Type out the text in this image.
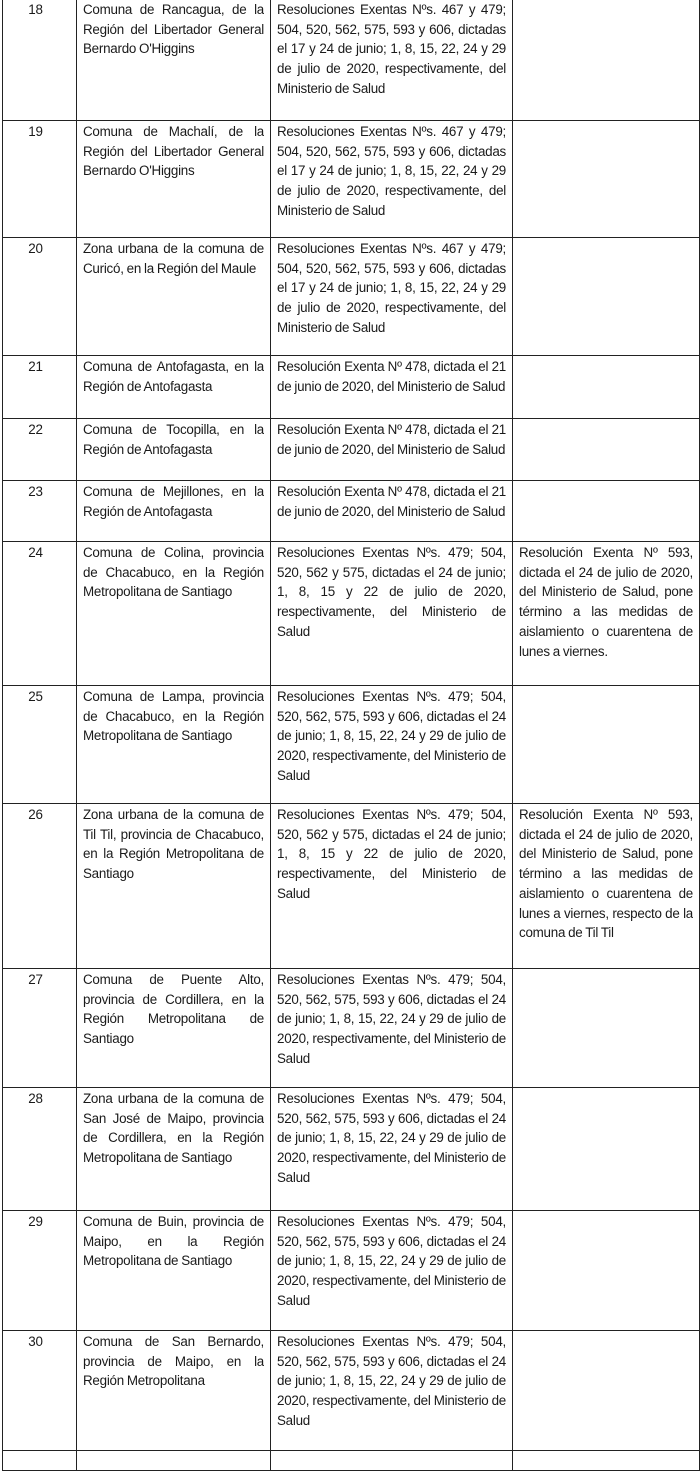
18	Comuna de Rancagua, de la Región del Libertador General Bernardo O'Higgins	Resoluciones Exentas Nºs. 467 y 479; 504, 520, 562, 575, 593 y 606, dictadas el 17 y 24 de junio; 1, 8, 15, 22, 24 y 29 de julio de 2020, respectivamente, del Ministerio de Salud	

19	Comuna de Machalí, de la Región del Libertador General Bernardo O'Higgins	Resoluciones Exentas Nºs. 467 y 479; 504, 520, 562, 575, 593 y 606, dictadas el 17 y 24 de junio; 1, 8, 15, 22, 24 y 29 de julio de 2020, respectivamente, del Ministerio de Salud	

20	Zona urbana de la comuna de Curicó, en la Región del Maule	Resoluciones Exentas Nºs. 467 y 479; 504, 520, 562, 575, 593 y 606, dictadas el 17 y 24 de junio; 1, 8, 15, 22, 24 y 29 de julio de 2020, respectivamente, del Ministerio de Salud	

21	Comuna de Antofagasta, en la Región de Antofagasta	Resolución Exenta Nº 478, dictada el 21 de junio de 2020, del Ministerio de Salud	

22	Comuna de Tocopilla, en la Región de Antofagasta	Resolución Exenta Nº 478, dictada el 21 de junio de 2020, del Ministerio de Salud	

23	Comuna de Mejillones, en la Región de Antofagasta	Resolución Exenta Nº 478, dictada el 21 de junio de 2020, del Ministerio de Salud	

24	Comuna de Colina, provincia de Chacabuco, en la Región Metropolitana de Santiago	Resoluciones Exentas Nºs. 479; 504, 520, 562 y 575, dictadas el 24 de junio; 1, 8, 15 y 22 de julio de 2020, respectivamente, del Ministerio de Salud	Resolución Exenta Nº 593, dictada el 24 de julio de 2020, del Ministerio de Salud, pone término a las medidas de aislamiento o cuarentena de lunes a viernes.

25	Comuna de Lampa, provincia de Chacabuco, en la Región Metropolitana de Santiago	Resoluciones Exentas Nºs. 479; 504, 520, 562, 575, 593 y 606, dictadas el 24 de junio; 1, 8, 15, 22, 24 y 29 de julio de 2020, respectivamente, del Ministerio de Salud	

26	Zona urbana de la comuna de Til Til, provincia de Chacabuco, en la Región Metropolitana de Santiago	Resoluciones Exentas Nºs. 479; 504, 520, 562 y 575, dictadas el 24 de junio; 1, 8, 15 y 22 de julio de 2020, respectivamente, del Ministerio de Salud	Resolución Exenta Nº 593, dictada el 24 de julio de 2020, del Ministerio de Salud, pone término a las medidas de aislamiento o cuarentena de lunes a viernes, respecto de la comuna de Til Til

27	Comuna de Puente Alto, provincia de Cordillera, en la Región Metropolitana de Santiago	Resoluciones Exentas Nºs. 479; 504, 520, 562, 575, 593 y 606, dictadas el 24 de junio; 1, 8, 15, 22, 24 y 29 de julio de 2020, respectivamente, del Ministerio de Salud	

28	Zona urbana de la comuna de San José de Maipo, provincia de Cordillera, en la Región Metropolitana de Santiago	Resoluciones Exentas Nºs. 479; 504, 520, 562, 575, 593 y 606, dictadas el 24 de junio; 1, 8, 15, 22, 24 y 29 de julio de 2020, respectivamente, del Ministerio de Salud	

29	Comuna de Buin, provincia de Maipo, en la Región Metropolitana de Santiago	Resoluciones Exentas Nºs. 479; 504, 520, 562, 575, 593 y 606, dictadas el 24 de junio; 1, 8, 15, 22, 24 y 29 de julio de 2020, respectivamente, del Ministerio de Salud	

30	Comuna de San Bernardo, provincia de Maipo, en la Región Metropolitana	Resoluciones Exentas Nºs. 479; 504, 520, 562, 575, 593 y 606, dictadas el 24 de junio; 1, 8, 15, 22, 24 y 29 de julio de 2020, respectivamente, del Ministerio de Salud	
